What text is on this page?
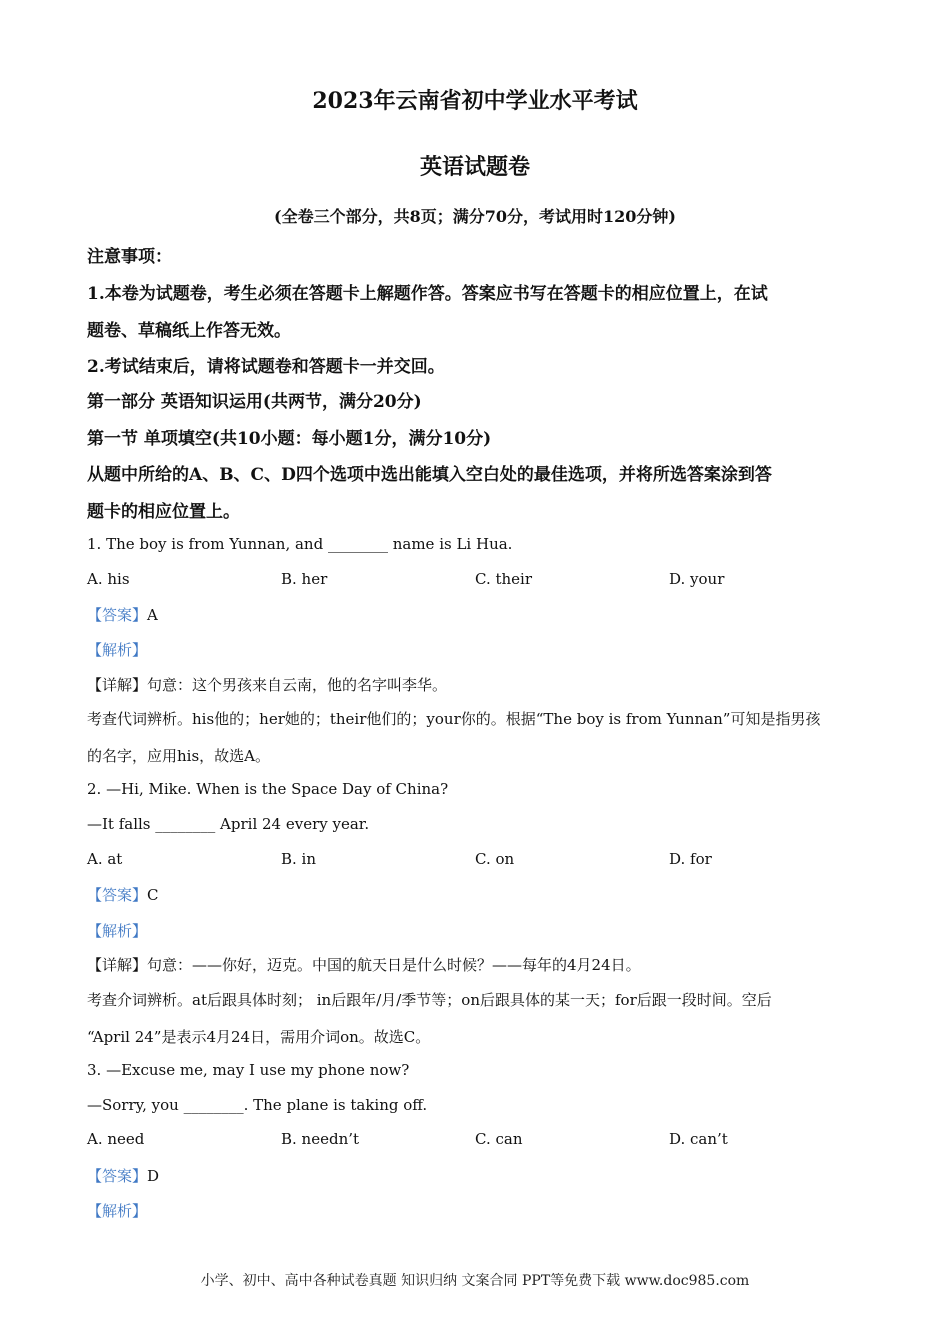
2023年云南省初中学业水平考试
英语试题卷
(全卷三个部分，共8页；满分70分，考试用时120分钟)
注意事项：
1.本卷为试题卷，考生必须在答题卡上解题作答。答案应书写在答题卡的相应位置上，在试
题卷、草稿纸上作答无效。
2.考试结束后，请将试题卷和答题卡一并交回。
第一部分 英语知识运用(共两节，满分20分)
第一节 单项填空(共10小题：每小题1分，满分10分)
从题中所给的A、B、C、D四个选项中选出能填入空白处的最佳选项，并将所选答案涂到答
题卡的相应位置上。
1. The boy is from Yunnan, and ________ name is Li Hua.
A. his	B. her	C. their	D. your
【答案】A
【解析】
【详解】句意：这个男孩来自云南，他的名字叫李华。
考查代词辨析。his他的；her她的；their他们的；your你的。根据“The boy is from Yunnan”可知是指男孩
的名字，应用his，故选A。
2. —Hi, Mike. When is the Space Day of China?
—It falls ________ April 24 every year.
A. at	B. in	C. on	D. for
【答案】C
【解析】
【详解】句意：——你好，迈克。中国的航天日是什么时候？——每年的4月24日。
考查介词辨析。at后跟具体时刻； in后跟年/月/季节等；on后跟具体的某一天；for后跟一段时间。空后
“April 24”是表示4月24日，需用介词on。故选C。
3. —Excuse me, may I use my phone now?
—Sorry, you ________. The plane is taking off.
A. need	B. needn’t	C. can	D. can’t
【答案】D
【解析】
小学、初中、高中各种试卷真题 知识归纳 文案合同 PPT等免费下载 www.doc985.com
